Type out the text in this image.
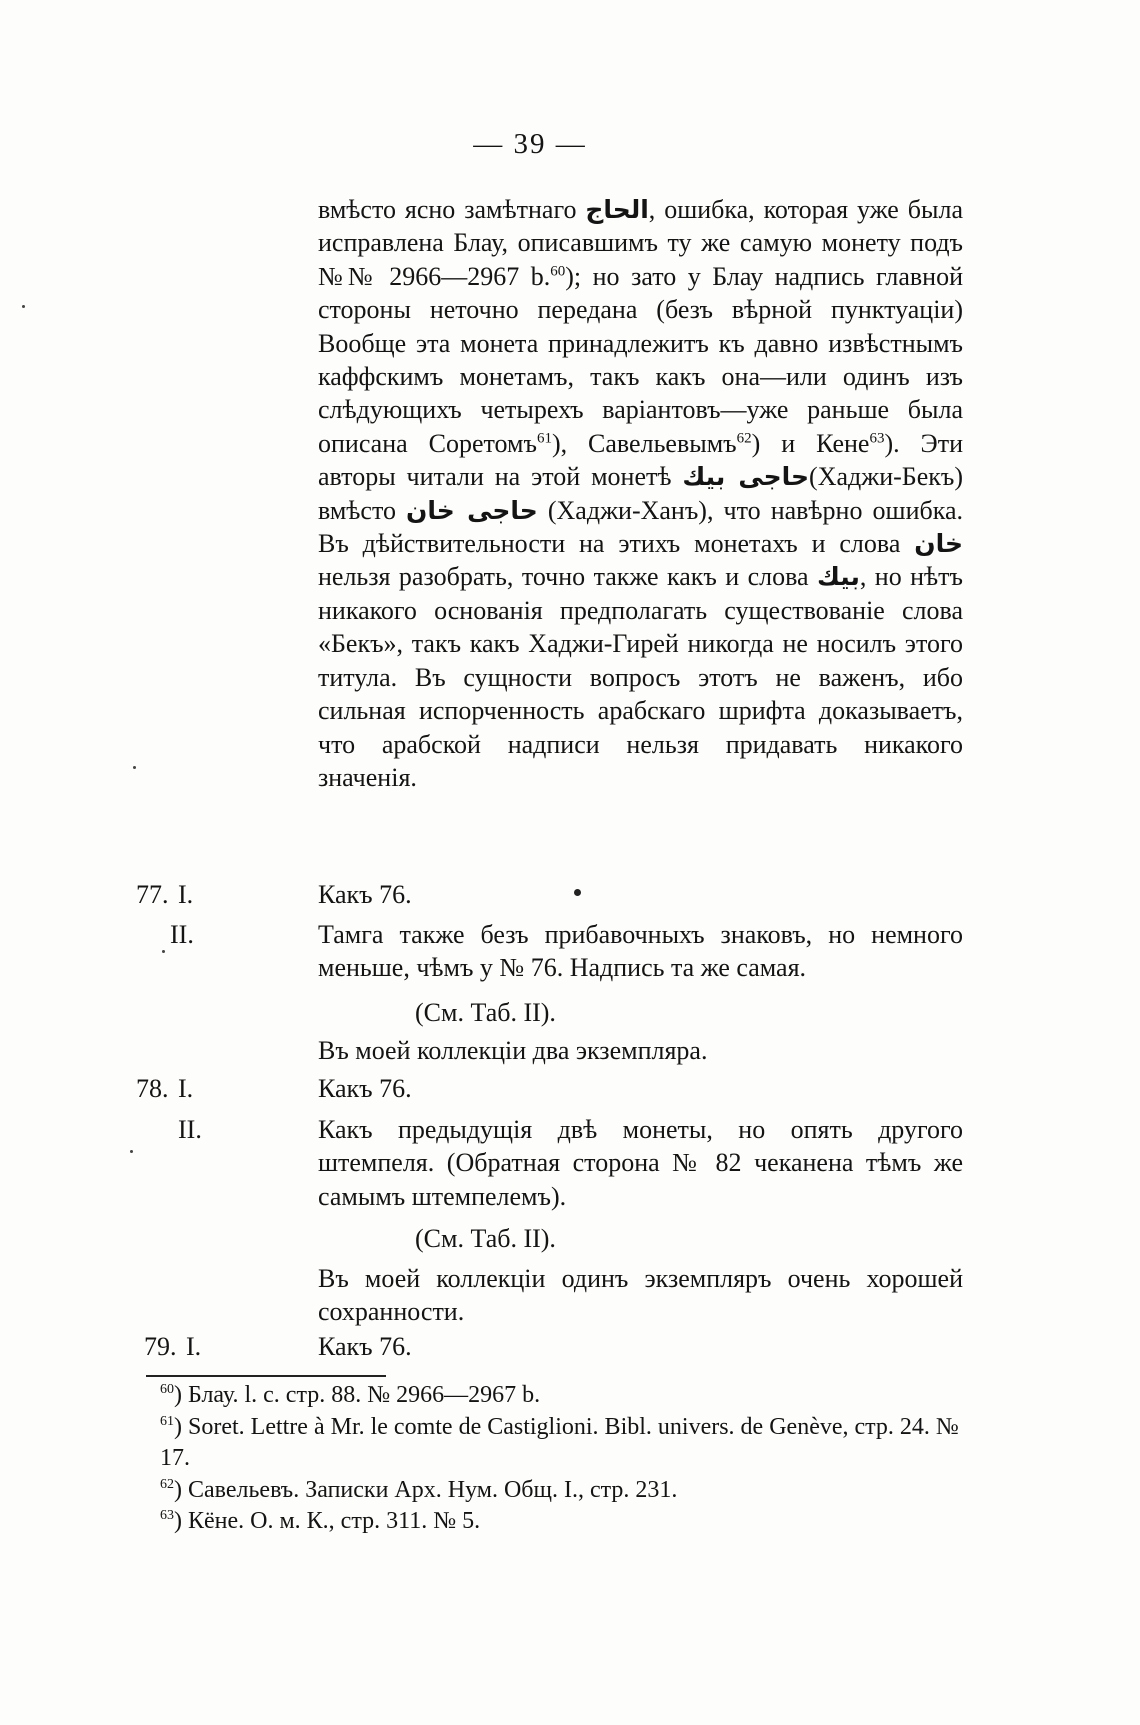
— 39 —

вмѣсто ясно замѣтнаго الحاج, ошибка, которая уже была исправлена Блау, описавшимъ ту же самую монету подъ №№ 2966—2967 b.$^{60}$); но зато у Блау надпись главной стороны неточно передана (безъ вѣрной пунктуаціи) Вообще эта монета принадлежитъ къ давно извѣстнымъ каффскимъ монетамъ, такъ какъ она—или одинъ изъ слѣдующихъ четырехъ варіантовъ—уже раньше была описана Соретомъ$^{61}$), Савельевымъ$^{62}$) и Кене$^{63}$). Эти авторы читали на этой монетѣ حاجی بیك(Хаджи-Бекъ) вмѣсто حاجی خان (Хаджи-Ханъ), что навѣрно ошибка. Въ дѣйствительности на этихъ монетахъ и слова خان нельзя разобрать, точно также какъ и слова بيك, но нѣтъ никакого основанія предполагать существованіе слова «Бекъ», такъ какъ Хаджи-Гирей никогда не носилъ этого титула. Въ сущности вопросъ этотъ не важенъ, ибо сильная испорченность арабскаго шрифта доказываетъ, что арабской надписи нельзя придавать никакого значенія.

77. I.	Какъ 76.
II.	Тамга также безъ прибавочныхъ знаковъ, но немного меньше, чѣмъ у № 76. Надпись та же самая.
(См. Таб. II).
Въ моей коллекціи два экземпляра.
78. I.	Какъ 76.
II.	Какъ предыдущія двѣ монеты, но опять другого штемпеля. (Обратная сторона № 82 чеканена тѣмъ же самымъ штемпелемъ).
(См. Таб. II).
Въ моей коллекціи одинъ экземпляръ очень хорошей сохранности.
79. I.	Какъ 76.

$^{60}$) Блау. l. c. стр. 88. № 2966—2967 b.

$^{61}$) Soret. Lettre à Mr. le comte de Castiglioni. Bibl. univers. de Genève, стр. 24. № 17.

$^{62}$) Савельевъ. Записки Арх. Нум. Общ. I., стр. 231.

$^{63}$) Кёне. О. м. К., стр. 311. № 5.
